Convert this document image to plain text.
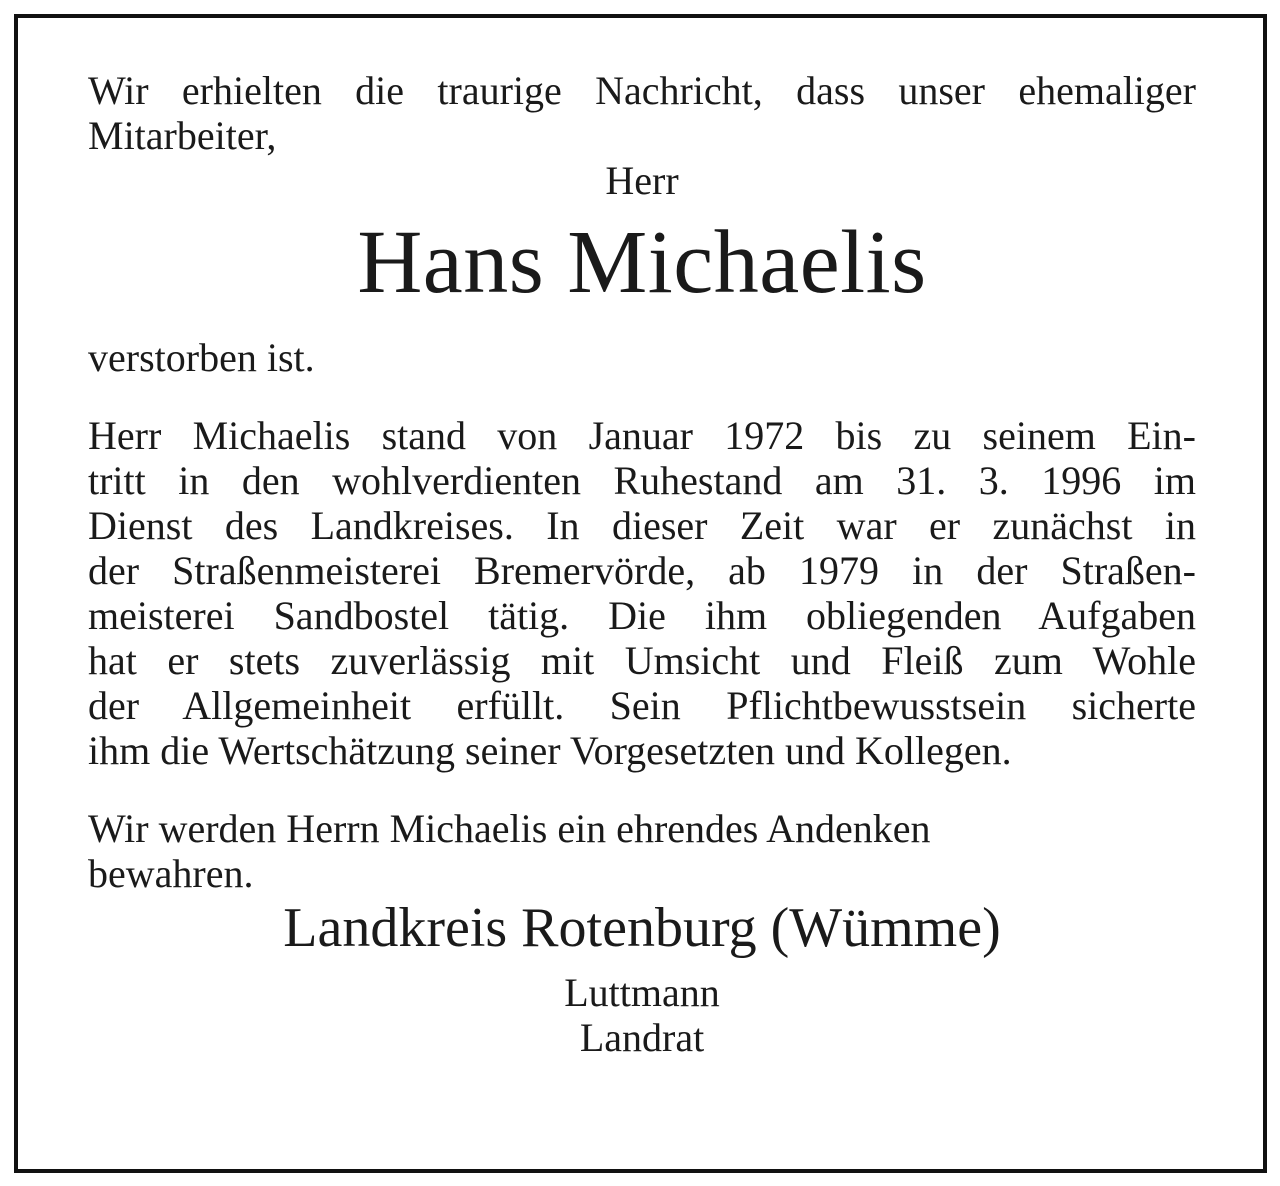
Wir erhielten die traurige Nachricht, dass unser ehemaliger
Mitarbeiter,

Herr

Hans Michaelis

verstorben ist.

Herr Michaelis stand von Januar 1972 bis zu seinem Ein-
tritt in den wohlverdienten Ruhestand am 31. 3. 1996 im
Dienst des Landkreises. In dieser Zeit war er zunächst in
der Straßenmeisterei Bremervörde, ab 1979 in der Straßen-
meisterei Sandbostel tätig. Die ihm obliegenden Aufgaben
hat er stets zuverlässig mit Umsicht und Fleiß zum Wohle
der Allgemeinheit erfüllt. Sein Pflichtbewusstsein sicherte
ihm die Wertschätzung seiner Vorgesetzten und Kollegen.
Wir werden Herrn Michaelis ein ehrendes Andenken
bewahren.

Landkreis Rotenburg (Wümme)

Luttmann

Landrat
